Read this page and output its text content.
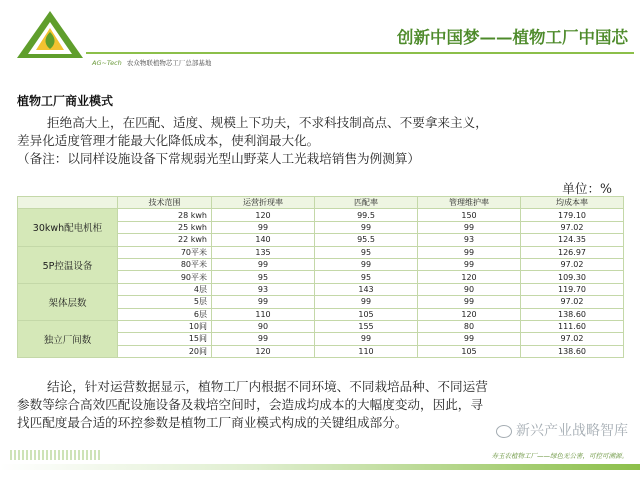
AG~Tech 农众物联植物芯工厂总部基地
创新中国梦——植物工厂中国芯
植物工厂商业模式
拒绝高大上，在匹配、适度、规模上下功夫，不求科技制高点、不要拿来主义，
差异化适度管理才能最大化降低成本，使利润最大化。
（备注：以同样设施设备下常规弱光型山野菜人工光栽培销售为例测算）
单位：%
	技术范围	运营折现率	匹配率	管理维护率	均成本率
30kwh配电机柜	28 kwh	120	99.5	150	179.10
	25 kwh	99	99	99	97.02
	22 kwh	140	95.5	93	124.35
5P控温设备	70平米	135	95	99	126.97
	80平米	99	99	99	97.02
	90平米	95	95	120	109.30
架体层数	4层	93	143	90	119.70
	5层	99	99	99	97.02
	6层	110	105	120	138.60
独立厂间数	10间	90	155	80	111.60
	15间	99	99	99	97.02
	20间	120	110	105	138.60
结论，针对运营数据显示，植物工厂内根据不同环境、不同栽培品种、不同运营
参数等综合高效匹配设施设备及栽培空间时，会造成均成本的大幅度变动，因此，寻
找匹配度最合适的环控参数是植物工厂商业模式构成的关键组成部分。
新兴产业战略智库
寿玉农植物工厂——绿色无公害，可控可溯源。
